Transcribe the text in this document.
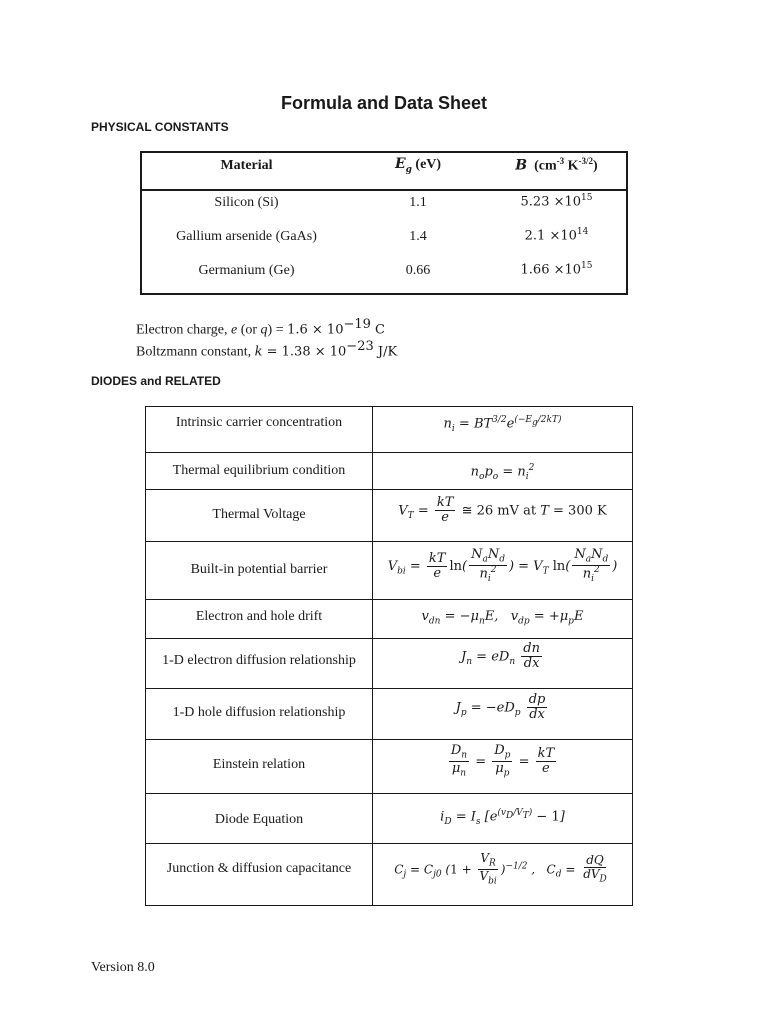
Formula and Data Sheet
PHYSICAL CONSTANTS
Material	$E_g$ (eV)	B ($cm^{-3}$ $K^{-3/2}$)
Silicon (Si)	1.1	$5.23 \times 10^{15}$
Gallium arsenide (GaAs)	1.4	$2.1 \times 10^{14}$
Germanium (Ge)	0.66	$1.66 \times 10^{15}$
Electron charge, e (or $q) = 1.6 \times 10^{-19}$ C
Boltzmann constant, $k = 1.38 \times 10^{-23}$ J/K
DIODES and RELATED
Intrinsic carrier concentration	$n_i = BT^{3/2}e^{(-E_g/2kT)}$
Thermal equilibrium condition	$n_op_o = n_i^2$
Thermal Voltage	$V_T = \frac{kT}{e}$ ≅ 26 mV at T = 300 K
Built-in potential barrier	$V_{bi} = \frac{kT}{e} \ln( \frac{N_aN_d}{n_i^2}$ ) = $V_T$ $\ln( \frac{N_aN_d}{n_i^2}$ )
Electron and hole drift	$v_{dn} = -\mu_nE$,   $v_{dp} = +\mu_pE$
1-D electron diffusion relationship	$J_n = eD_n \frac{dn}{dx}$
1-D hole diffusion relationship	$J_p = -eD_p \frac{dp}{dx}$
Einstein relation	$\frac{D_n}{\mu_n} = \frac{D_p}{\mu_p} = \frac{kT}{e}$
Diode Equation	$i_D = I_s$ $[e^{(v_D/V_T)} - 1]$
Junction & diffusion capacitance	$C_j = C_{j0}$ $(1 + \frac{V_R}{V_{bi}} )^{-1/2}$ ,   $C_d = \frac{dQ}{dV_D}$
Version 8.0
